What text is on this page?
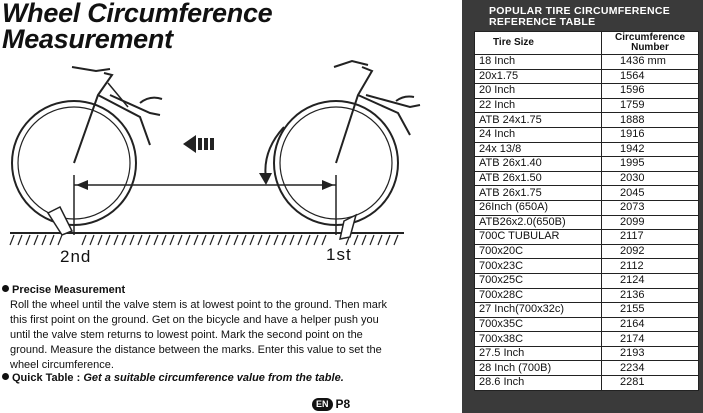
Wheel Circumference
Measurement
2nd	1st
Precise Measurement
Roll the wheel until the valve stem is at lowest point to the ground. Then mark
this first point on the ground. Get on the bicycle and have a helper push you
until the valve stem returns to lowest point. Mark the second point on the
ground. Measure the distance between the marks. Enter this value to set the
wheel circumference.
Quick Table : Get a suitable circumference value from the table.
EN P8
POPULAR TIRE CIRCUMFERENCE
REFERENCE TABLE
Tire Size	Circumference
Number

18 Inch	1436 mm
20x1.75	1564
20 Inch	1596
22 Inch	1759
ATB 24x1.75	1888
24 Inch	1916
24x 13/8	1942
ATB 26x1.40	1995
ATB 26x1.50	2030
ATB 26x1.75	2045
26Inch (650A)	2073
ATB26x2.0(650B)	2099
700C TUBULAR	2117
700x20C	2092
700x23C	2112
700x25C	2124
700x28C	2136
27 Inch(700x32c)	2155
700x35C	2164
700x38C	2174
27.5 Inch	2193
28 Inch (700B)	2234
28.6 Inch	2281
